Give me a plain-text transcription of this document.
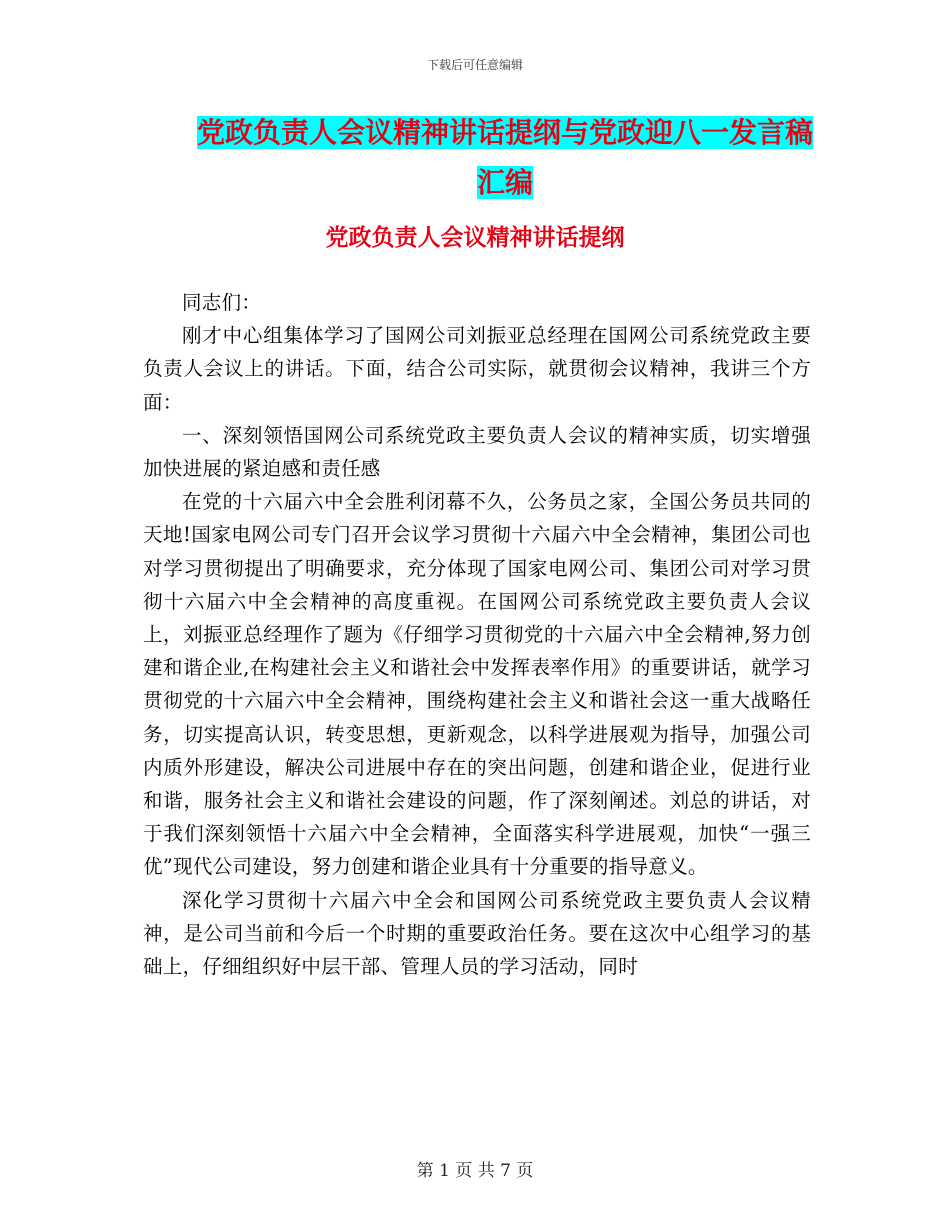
下载后可任意编辑
党政负责人会议精神讲话提纲与党政迎八一发言稿汇编
党政负责人会议精神讲话提纲

同志们：

刚才中心组集体学习了国网公司刘振亚总经理在国网公司系统党政主要负责人会议上的讲话。下面，结合公司实际，就贯彻会议精神，我讲三个方面：

一、深刻领悟国网公司系统党政主要负责人会议的精神实质，切实增强加快进展的紧迫感和责任感

在党的十六届六中全会胜利闭幕不久，公务员之家，全国公务员共同的天地!国家电网公司专门召开会议学习贯彻十六届六中全会精神，集团公司也对学习贯彻提出了明确要求，充分体现了国家电网公司、集团公司对学习贯彻十六届六中全会精神的高度重视。在国网公司系统党政主要负责人会议上，刘振亚总经理作了题为《仔细学习贯彻党的十六届六中全会精神,努力创建和谐企业,在构建社会主义和谐社会中发挥表率作用》的重要讲话，就学习贯彻党的十六届六中全会精神，围绕构建社会主义和谐社会这一重大战略任务，切实提高认识，转变思想，更新观念，以科学进展观为指导，加强公司内质外形建设，解决公司进展中存在的突出问题，创建和谐企业，促进行业和谐，服务社会主义和谐社会建设的问题，作了深刻阐述。刘总的讲话，对于我们深刻领悟十六届六中全会精神，全面落实科学进展观，加快“一强三优”现代公司建设，努力创建和谐企业具有十分重要的指导意义。

深化学习贯彻十六届六中全会和国网公司系统党政主要负责人会议精神，是公司当前和今后一个时期的重要政治任务。要在这次中心组学习的基础上，仔细组织好中层干部、管理人员的学习活动，同时

第 1 页 共 7 页
